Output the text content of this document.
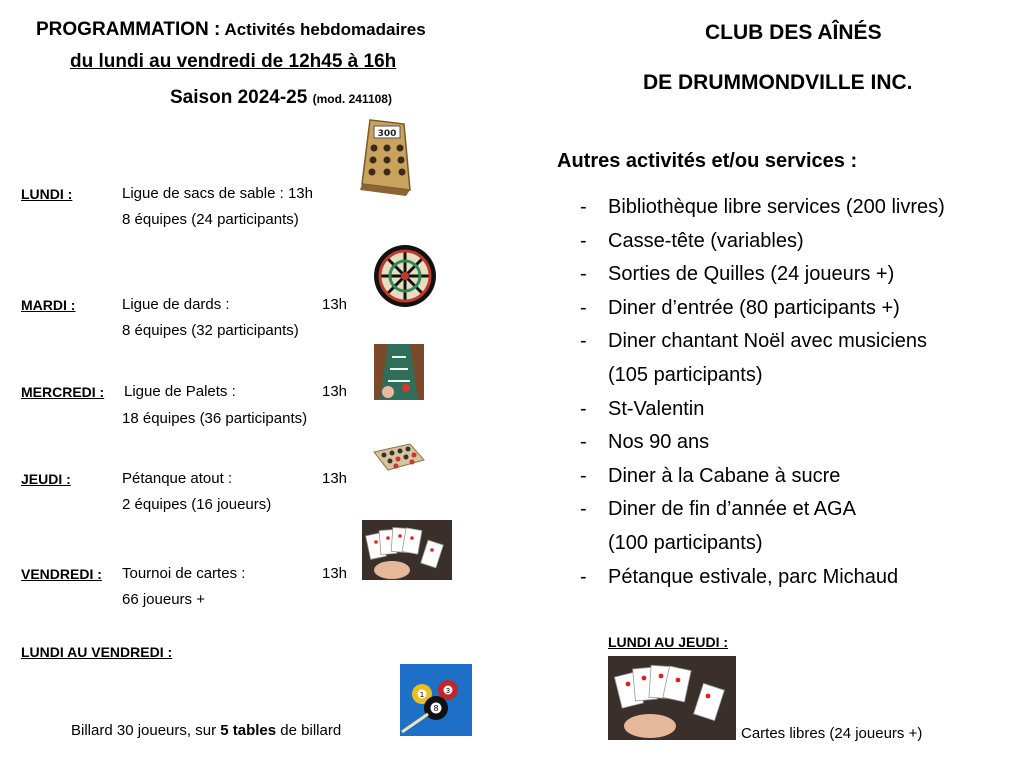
PROGRAMMATION : Activités hebdomadaires
du lundi au vendredi de 12h45 à 16h
Saison 2024-25 (mod. 241108)
LUNDI :	Ligue de sacs de sable : 13h
8 équipes (24 participants)
300
MARDI :	Ligue de dards :	13h
8 équipes (32 participants)
MERCREDI : Ligue de Palets :	13h
18 équipes (36 participants)
JEUDI :	Pétanque atout :	13h
2 équipes (16 joueurs)
VENDREDI : Tournoi de cartes :	13h
66 joueurs +
LUNDI AU VENDREDI :
Billard 30 joueurs, sur 5 tables de billard
1	3
8
CLUB DES AÎNÉS
DE DRUMMONDVILLE INC.
Autres activités et/ou services :
-	Bibliothèque libre services (200 livres)
-	Casse-tête (variables)
-	Sorties de Quilles (24 joueurs +)
-	Diner d’entrée (80 participants +)
-	Diner chantant Noël avec musiciens
(105 participants)
-	St-Valentin
-	Nos 90 ans
-	Diner à la Cabane à sucre
-	Diner de fin d’année et AGA
(100 participants)
-	Pétanque estivale, parc Michaud
LUNDI AU JEUDI :
Cartes libres (24 joueurs +)
